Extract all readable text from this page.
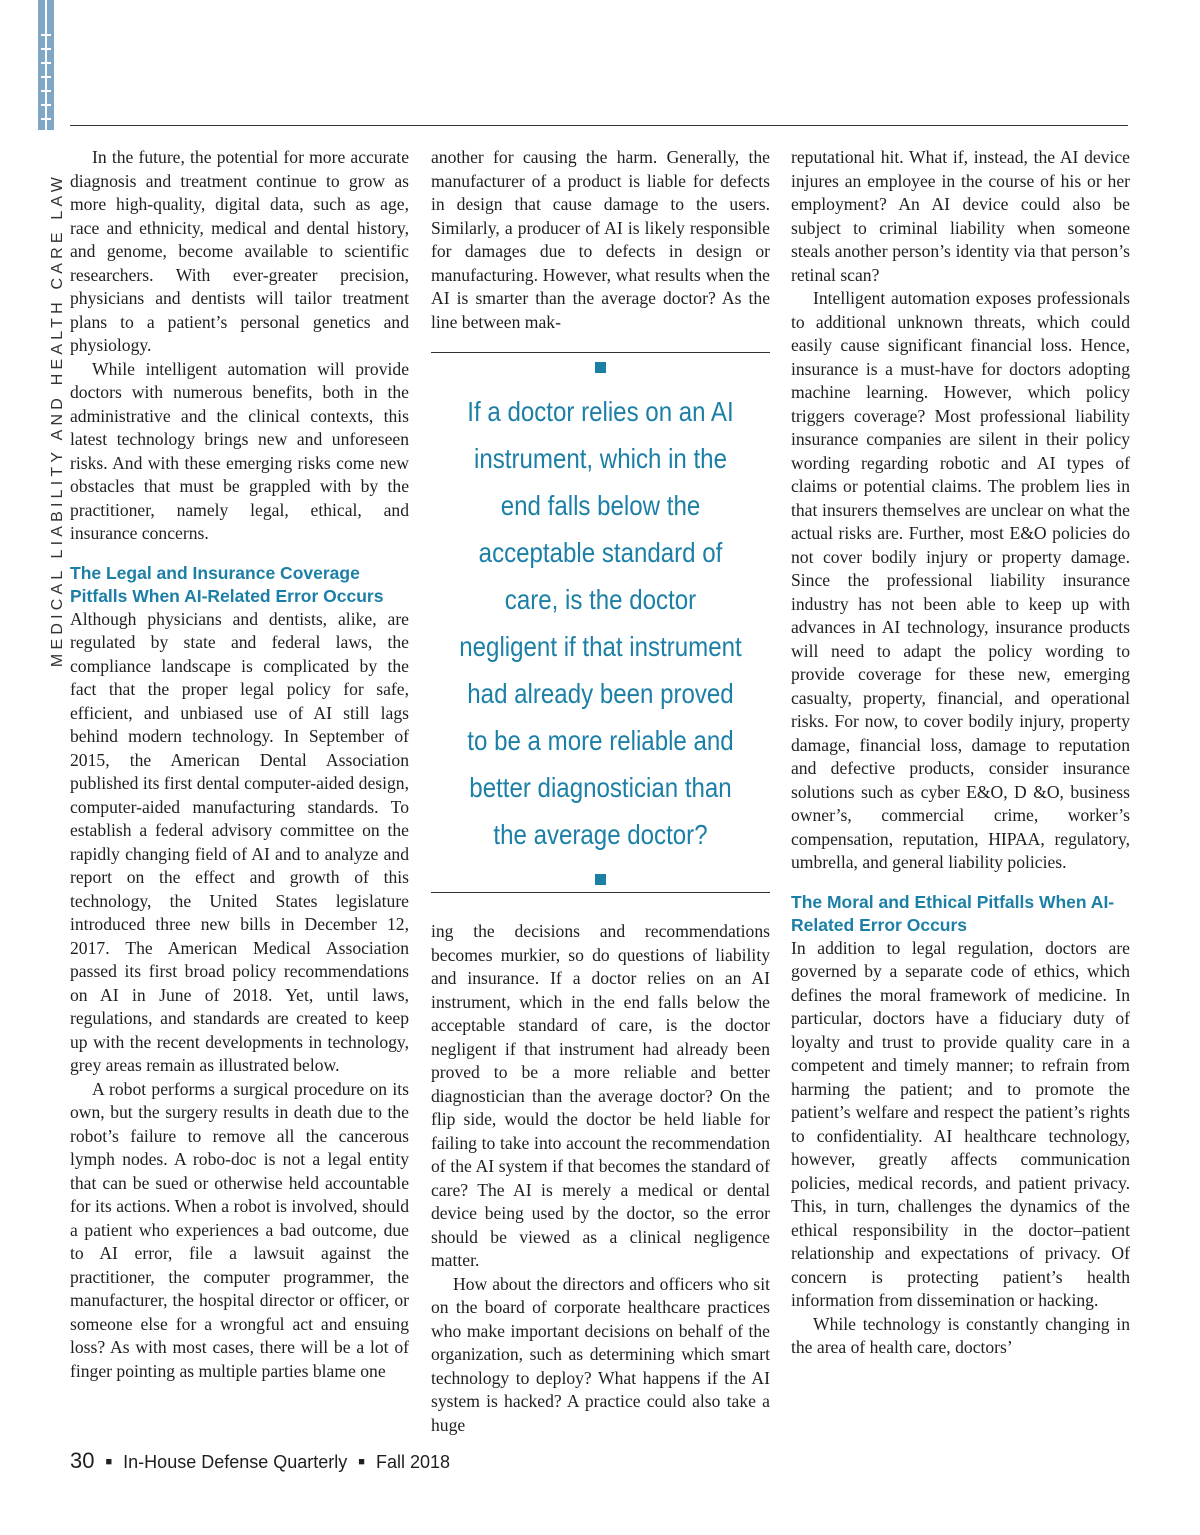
MEDICAL LIABILITY AND HEALTH CARE LAW

In the future, the potential for more accurate diagnosis and treatment continue to grow as more high-quality, digital data, such as age, race and ethnicity, medical and dental history, and genome, become available to scientific researchers. With ever-greater precision, physicians and dentists will tailor treatment plans to a patient’s personal genetics and physiology.

While intelligent automation will provide doctors with numerous benefits, both in the administrative and the clinical contexts, this latest technology brings new and unforeseen risks. And with these emerging risks come new obstacles that must be grappled with by the practitioner, namely legal, ethical, and insurance concerns.

The Legal and Insurance Coverage Pitfalls When AI-Related Error Occurs

Although physicians and dentists, alike, are regulated by state and federal laws, the compliance landscape is complicated by the fact that the proper legal policy for safe, efficient, and unbiased use of AI still lags behind modern technology. In September of 2015, the American Dental Association published its first dental computer-aided design, computer-aided manufacturing standards. To establish a federal advisory committee on the rapidly changing field of AI and to analyze and report on the effect and growth of this technology, the United States legislature introduced three new bills in December 12, 2017. The American Medical Association passed its first broad policy recommendations on AI in June of 2018. Yet, until laws, regulations, and standards are created to keep up with the recent developments in technology, grey areas remain as illustrated below.

A robot performs a surgical procedure on its own, but the surgery results in death due to the robot’s failure to remove all the cancerous lymph nodes. A robo-doc is not a legal entity that can be sued or otherwise held accountable for its actions. When a robot is involved, should a patient who experiences a bad outcome, due to AI error, file a lawsuit against the practitioner, the computer programmer, the manufacturer, the hospital director or officer, or someone else for a wrongful act and ensuing loss? As with most cases, there will be a lot of finger pointing as multiple parties blame one

another for causing the harm. Generally, the manufacturer of a product is liable for defects in design that cause damage to the users. Similarly, a producer of AI is likely responsible for damages due to defects in design or manufacturing. However, what results when the AI is smarter than the average doctor? As the line between mak-

If a doctor relies on an AI instrument, which in the end falls below the acceptable standard of care, is the doctor negligent if that instrument had already been proved to be a more reliable and better diagnostician than the average doctor?

ing the decisions and recommendations becomes murkier, so do questions of liability and insurance. If a doctor relies on an AI instrument, which in the end falls below the acceptable standard of care, is the doctor negligent if that instrument had already been proved to be a more reliable and better diagnostician than the average doctor? On the flip side, would the doctor be held liable for failing to take into account the recommendation of the AI system if that becomes the standard of care? The AI is merely a medical or dental device being used by the doctor, so the error should be viewed as a clinical negligence matter.

How about the directors and officers who sit on the board of corporate healthcare practices who make important decisions on behalf of the organization, such as determining which smart technology to deploy? What happens if the AI system is hacked? A practice could also take a huge

reputational hit. What if, instead, the AI device injures an employee in the course of his or her employment? An AI device could also be subject to criminal liability when someone steals another person’s identity via that person’s retinal scan?

Intelligent automation exposes professionals to additional unknown threats, which could easily cause significant financial loss. Hence, insurance is a must-have for doctors adopting machine learning. However, which policy triggers coverage? Most professional liability insurance companies are silent in their policy wording regarding robotic and AI types of claims or potential claims. The problem lies in that insurers themselves are unclear on what the actual risks are. Further, most E&O policies do not cover bodily injury or property damage. Since the professional liability insurance industry has not been able to keep up with advances in AI technology, insurance products will need to adapt the policy wording to provide coverage for these new, emerging casualty, property, financial, and operational risks. For now, to cover bodily injury, property damage, financial loss, damage to reputation and defective products, consider insurance solutions such as cyber E&O, D &O, business owner’s, commercial crime, worker’s compensation, reputation, HIPAA, regulatory, umbrella, and general liability policies.

The Moral and Ethical Pitfalls When AI-Related Error Occurs

In addition to legal regulation, doctors are governed by a separate code of ethics, which defines the moral framework of medicine. In particular, doctors have a fiduciary duty of loyalty and trust to provide quality care in a competent and timely manner; to refrain from harming the patient; and to promote the patient’s welfare and respect the patient’s rights to confidentiality. AI healthcare technology, however, greatly affects communication policies, medical records, and patient privacy. This, in turn, challenges the dynamics of the ethical responsibility in the doctor–patient relationship and expectations of privacy. Of concern is protecting patient’s health information from dissemination or hacking.

While technology is constantly changing in the area of health care, doctors’

30 ■ In-House Defense Quarterly ■ Fall 2018
